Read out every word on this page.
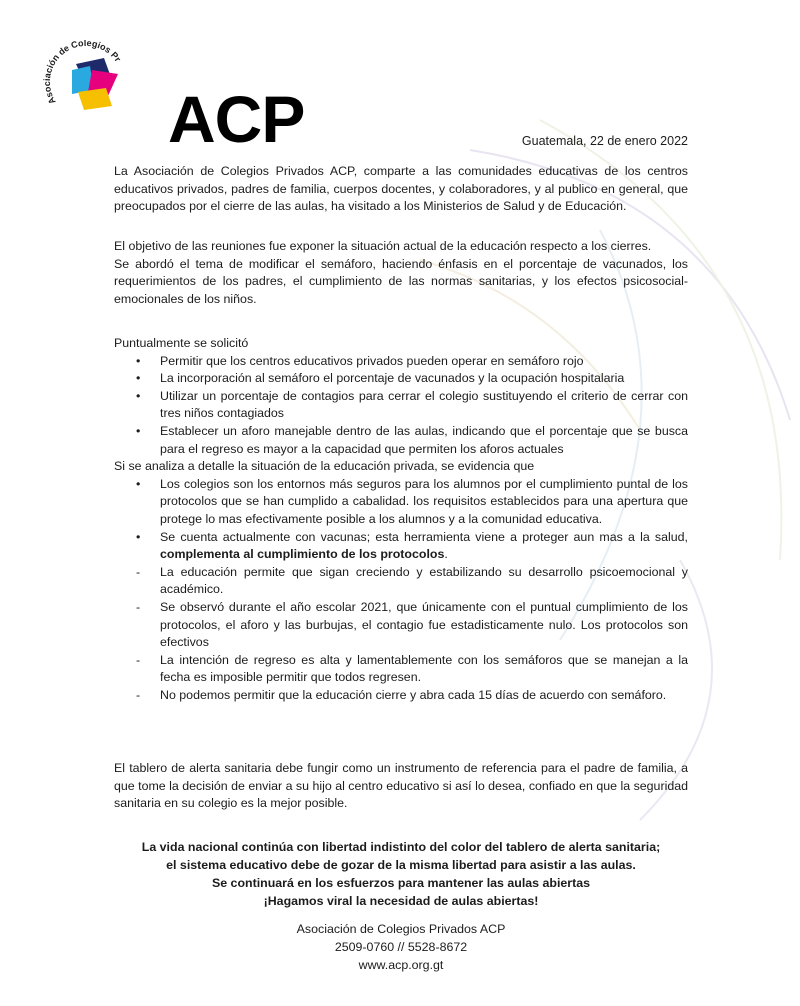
Asociación de Colegios Pr
ACP	Guatemala, 22 de enero 2022

La Asociación de Colegios Privados ACP, comparte a las comunidades educativas de los centros educativos privados, padres de familia, cuerpos docentes, y colaboradores, y al publico en general, que preocupados por el cierre de las aulas, ha visitado a los Ministerios de Salud y de Educación.

El objetivo de las reuniones fue exponer la situación actual de la educación respecto a los cierres.

Se abordó el tema de modificar el semáforo, haciendo énfasis en el porcentaje de vacunados, los requerimientos de los padres, el cumplimiento de las normas sanitarias, y los efectos psicosocial-emocionales de los niños.

Puntualmente se solicitó

• Permitir que los centros educativos privados pueden operar en semáforo rojo
• La incorporación al semáforo el porcentaje de vacunados y la ocupación hospitalaria
• Utilizar un porcentaje de contagios para cerrar el colegio sustituyendo el criterio de cerrar con tres niños contagiados
• Establecer un aforo manejable dentro de las aulas, indicando que el porcentaje que se busca para el regreso es mayor a la capacidad que permiten los aforos actuales

Si se analiza a detalle la situación de la educación privada, se evidencia que

• Los colegios son los entornos más seguros para los alumnos por el cumplimiento puntal de los protocolos que se han cumplido a cabalidad. los requisitos establecidos para una apertura que protege lo mas efectivamente posible a los alumnos y a la comunidad educativa.
• Se cuenta actualmente con vacunas; esta herramienta viene a proteger aun mas a la salud, complementa al cumplimiento de los protocolos.
- La educación permite que sigan creciendo y estabilizando su desarrollo psicoemocional y académico.
- Se observó durante el año escolar 2021, que únicamente con el puntual cumplimiento de los protocolos, el aforo y las burbujas, el contagio fue estadisticamente nulo. Los protocolos son efectivos
- La intención de regreso es alta y lamentablemente con los semáforos que se manejan a la fecha es imposible permitir que todos regresen.
- No podemos permitir que la educación cierre y abra cada 15 días de acuerdo con semáforo.

El tablero de alerta sanitaria debe fungir como un instrumento de referencia para el padre de familia, a que tome la decisión de enviar a su hijo al centro educativo si así lo desea, confiado en que la seguridad sanitaria en su colegio es la mejor posible.

La vida nacional continúa con libertad indistinto del color del tablero de alerta sanitaria;
el sistema educativo debe de gozar de la misma libertad para asistir a las aulas.
Se continuará en los esfuerzos para mantener las aulas abiertas
¡Hagamos viral la necesidad de aulas abiertas!
Asociación de Colegios Privados ACP
2509-0760 // 5528-8672
www.acp.org.gt
